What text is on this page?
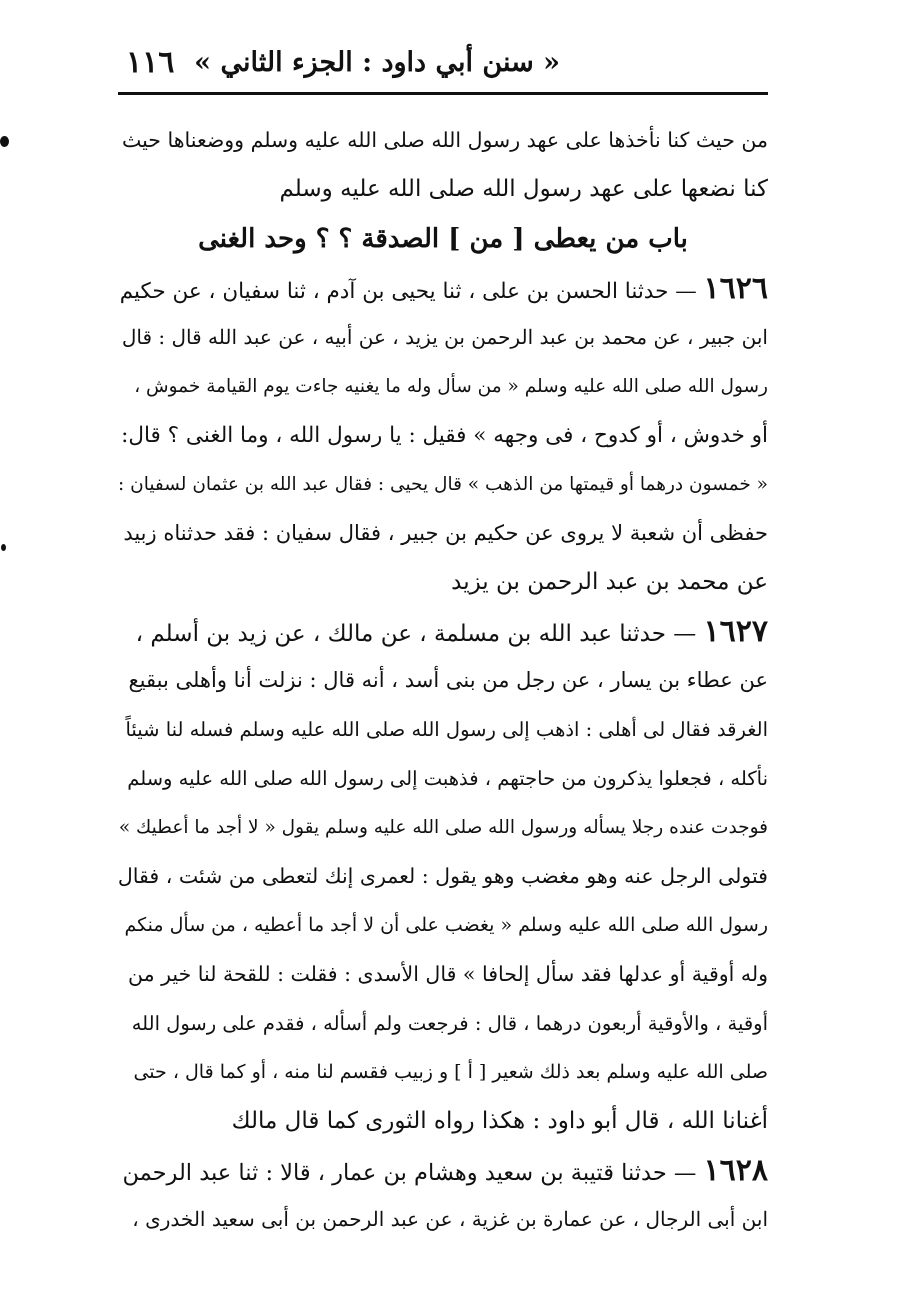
« سنن أبي داود : الجزء الثاني »
١١٦
من حيث كنا نأخذها على عهد رسول الله صلى الله عليه وسلم ووضعناها حيث
كنا نضعها على عهد رسول الله صلى الله عليه وسلم
باب من يعطى [ من ] الصدقة ؟ ؟ وحد الغنى
١٦٢٦ — حدثنا الحسن بن على ، ثنا يحيى بن آدم ، ثنا سفيان ، عن حكيم
ابن جبير ، عن محمد بن عبد الرحمن بن يزيد ، عن أبيه ، عن عبد الله قال : قال
رسول الله صلى الله عليه وسلم « من سأل وله ما يغنيه جاءت يوم القيامة خموش ،
أو خدوش ، أو كدوح ، فى وجهه » فقيل : يا رسول الله ، وما الغنى ؟ قال:
« خمسون درهما أو قيمتها من الذهب » قال يحيى : فقال عبد الله بن عثمان لسفيان :
حفظى أن شعبة لا يروى عن حكيم بن جبير ، فقال سفيان : فقد حدثناه زبيد
عن محمد بن عبد الرحمن بن يزيد
١٦٢٧ — حدثنا عبد الله بن مسلمة ، عن مالك ، عن زيد بن أسلم ،
عن عطاء بن يسار ، عن رجل من بنى أسد ، أنه قال : نزلت أنا وأهلى ببقيع
الغرقد فقال لى أهلى : اذهب إلى رسول الله صلى الله عليه وسلم فسله لنا شيئاً
نأكله ، فجعلوا يذكرون من حاجتهم ، فذهبت إلى رسول الله صلى الله عليه وسلم
فوجدت عنده رجلا يسأله ورسول الله صلى الله عليه وسلم يقول « لا أجد ما أعطيك »
فتولى الرجل عنه وهو مغضب وهو يقول : لعمرى إنك لتعطى من شئت ، فقال
رسول الله صلى الله عليه وسلم « يغضب على أن لا أجد ما أعطيه ، من سأل منكم
وله أوقية أو عدلها فقد سأل إلحافا » قال الأسدى : فقلت : للقحة لنا خير من
أوقية ، والأوقية أربعون درهما ، قال : فرجعت ولم أسأله ، فقدم على رسول الله
صلى الله عليه وسلم بعد ذلك شعير [ أ ] و زبيب فقسم لنا منه ، أو كما قال ، حتى
أغنانا الله ، قال أبو داود : هكذا رواه الثورى كما قال مالك
١٦٢٨ — حدثنا قتيبة بن سعيد وهشام بن عمار ، قالا : ثنا عبد الرحمن
ابن أبى الرجال ، عن عمارة بن غزية ، عن عبد الرحمن بن أبى سعيد الخدرى ،
